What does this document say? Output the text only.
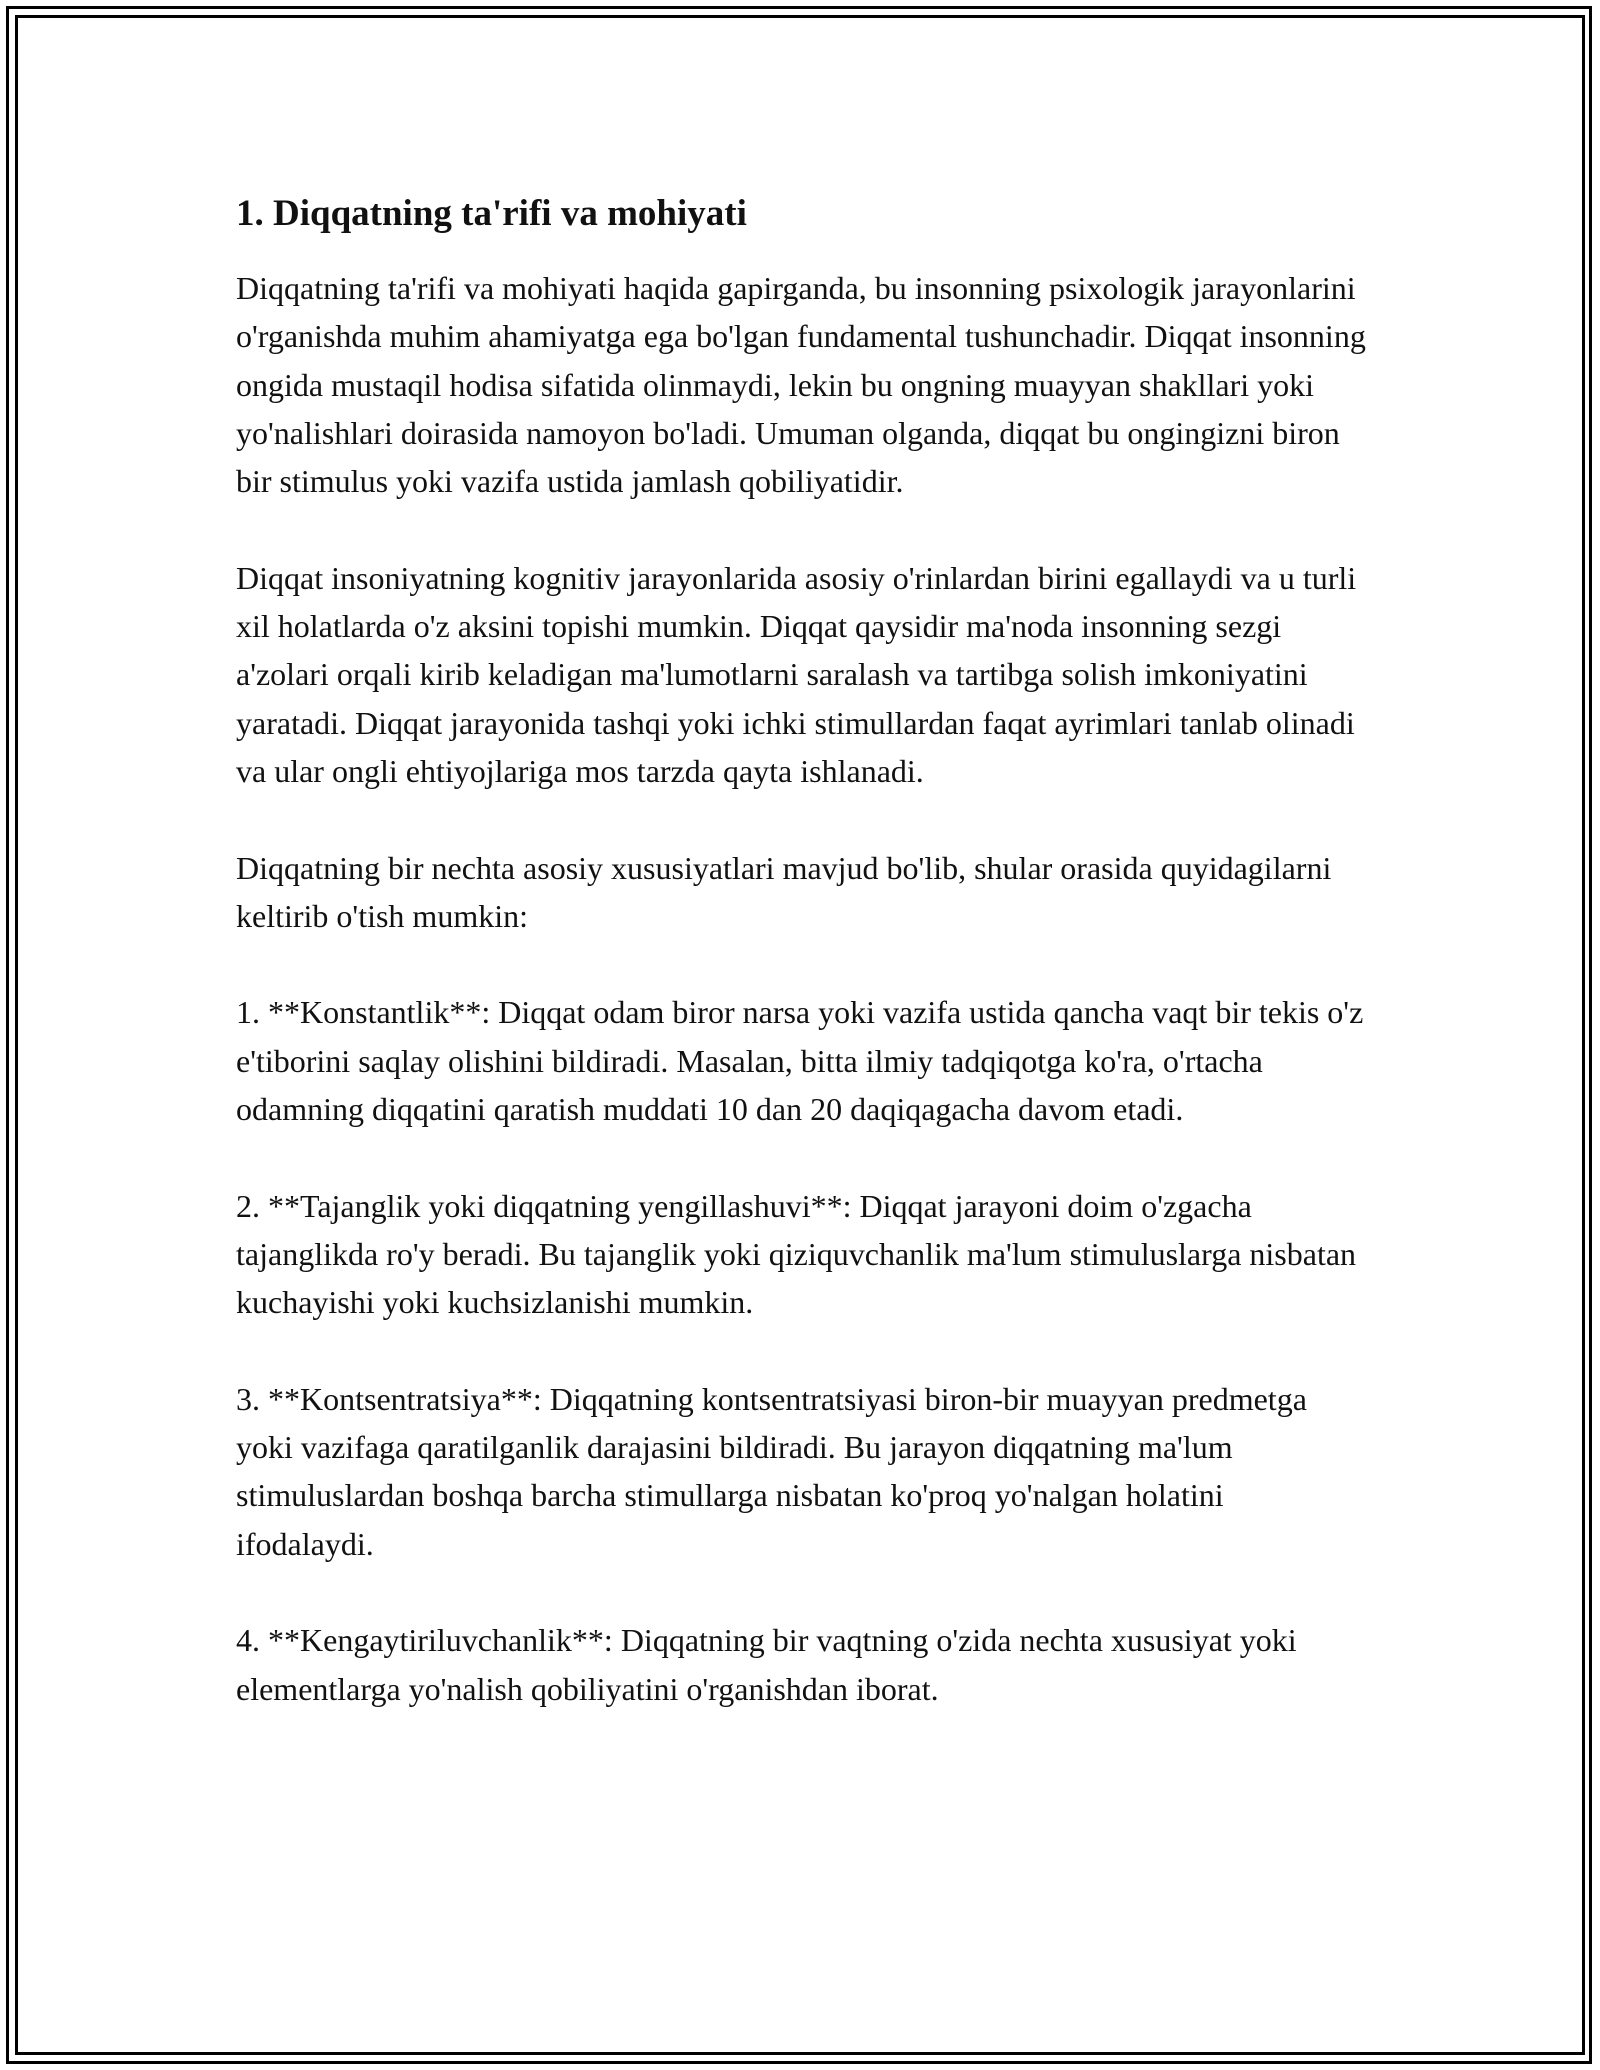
1. Diqqatning ta'rifi va mohiyati

Diqqatning ta'rifi va mohiyati haqida gapirganda, bu insonning psixologik jarayonlarini o'rganishda muhim ahamiyatga ega bo'lgan fundamental tushunchadir. Diqqat insonning ongida mustaqil hodisa sifatida olinmaydi, lekin bu ongning muayyan shakllari yoki yo'nalishlari doirasida namoyon bo'ladi. Umuman olganda, diqqat bu ongingizni biron bir stimulus yoki vazifa ustida jamlash qobiliyatidir.

Diqqat insoniyatning kognitiv jarayonlarida asosiy o'rinlardan birini egallaydi va u turli xil holatlarda o'z aksini topishi mumkin. Diqqat qaysidir ma'noda insonning sezgi a'zolari orqali kirib keladigan ma'lumotlarni saralash va tartibga solish imkoniyatini yaratadi. Diqqat jarayonida tashqi yoki ichki stimullardan faqat ayrimlari tanlab olinadi va ular ongli ehtiyojlariga mos tarzda qayta ishlanadi.

Diqqatning bir nechta asosiy xususiyatlari mavjud bo'lib, shular orasida quyidagilarni keltirib o'tish mumkin:

1. **Konstantlik**: Diqqat odam biror narsa yoki vazifa ustida qancha vaqt bir tekis o'z e'tiborini saqlay olishini bildiradi. Masalan, bitta ilmiy tadqiqotga ko'ra, o'rtacha odamning diqqatini qaratish muddati 10 dan 20 daqiqagacha davom etadi.

2. **Tajanglik yoki diqqatning yengillashuvi**: Diqqat jarayoni doim o'zgacha tajanglikda ro'y beradi. Bu tajanglik yoki qiziquvchanlik ma'lum stimuluslarga nisbatan kuchayishi yoki kuchsizlanishi mumkin.

3. **Kontsentratsiya**: Diqqatning kontsentratsiyasi biron-bir muayyan predmetga yoki vazifaga qaratilganlik darajasini bildiradi. Bu jarayon diqqatning ma'lum stimuluslardan boshqa barcha stimullarga nisbatan ko'proq yo'nalgan holatini ifodalaydi.

4. **Kengaytiriluvchanlik**: Diqqatning bir vaqtning o'zida nechta xususiyat yoki elementlarga yo'nalish qobiliyatini o'rganishdan iborat.
